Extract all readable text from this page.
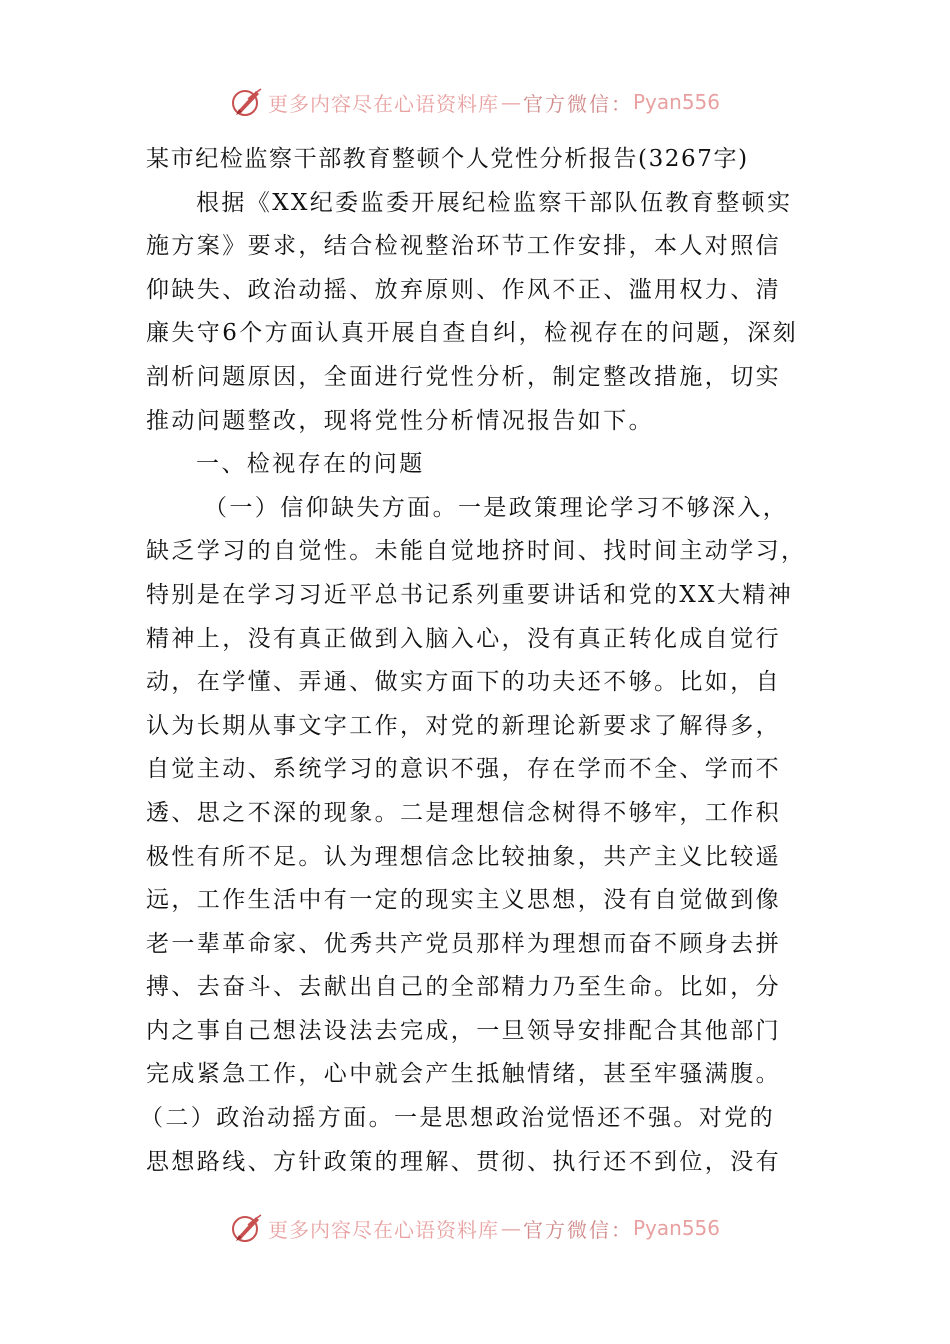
更多内容尽在心语资料库 — 官方微信： Pyan556
某市纪检监察干部教育整顿个人党性分析报告(3267字)
根据《XX纪委监委开展纪检监察干部队伍教育整顿实
施方案》要求，结合检视整治环节工作安排，本人对照信
仰缺失、政治动摇、放弃原则、作风不正、滥用权力、清
廉失守6个方面认真开展自查自纠，检视存在的问题，深刻
剖析问题原因，全面进行党性分析，制定整改措施，切实
推动问题整改，现将党性分析情况报告如下。
一、检视存在的问题
（一）信仰缺失方面。一是政策理论学习不够深入，
缺乏学习的自觉性。未能自觉地挤时间、找时间主动学习，
特别是在学习习近平总书记系列重要讲话和党的XX大精神
精神上，没有真正做到入脑入心，没有真正转化成自觉行
动，在学懂、弄通、做实方面下的功夫还不够。比如，自
认为长期从事文字工作，对党的新理论新要求了解得多，
自觉主动、系统学习的意识不强，存在学而不全、学而不
透、思之不深的现象。二是理想信念树得不够牢，工作积
极性有所不足。认为理想信念比较抽象，共产主义比较遥
远，工作生活中有一定的现实主义思想，没有自觉做到像
老一辈革命家、优秀共产党员那样为理想而奋不顾身去拼
搏、去奋斗、去献出自己的全部精力乃至生命。比如，分
内之事自己想法设法去完成，一旦领导安排配合其他部门
完成紧急工作，心中就会产生抵触情绪，甚至牢骚满腹。
（二）政治动摇方面。一是思想政治觉悟还不强。对党的
思想路线、方针政策的理解、贯彻、执行还不到位，没有
更多内容尽在心语资料库 — 官方微信： Pyan556
